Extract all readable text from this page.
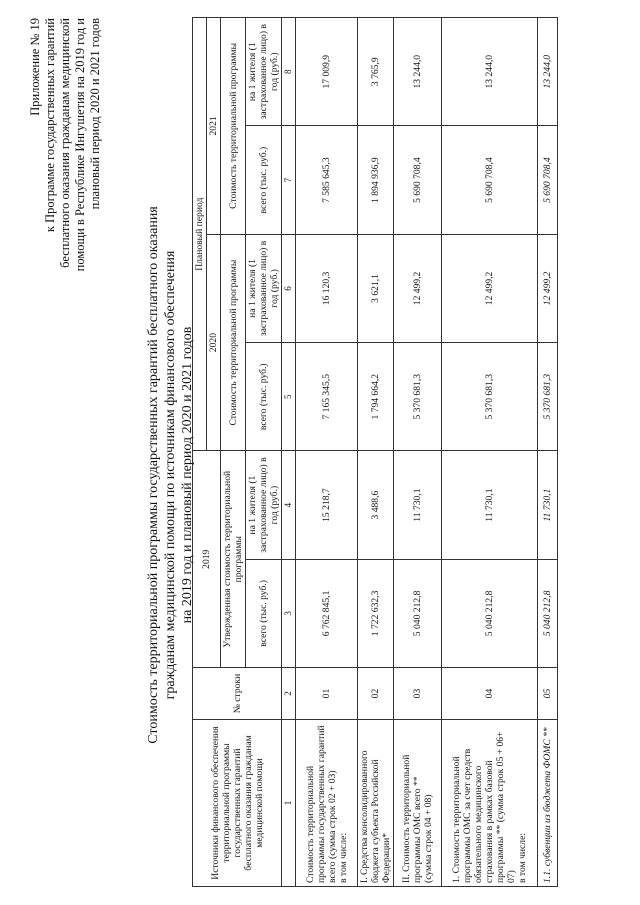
Приложение № 19 к Программе государственных гарантий бесплатного оказания гражданам медицинской помощи в Республике Ингушетия на 2019 год и плановый период 2020 и 2021 годов
Стоимость территориальной программы государственных гарантий бесплатного оказания гражданам медицинской помощи по источникам финансового обеспечения на 2019 год и плановый период 2020 и 2021 годов
Источники финансового обеспечения территориальной программы государственных гарантий бесплатного оказания гражданам медицинской помощи	№ строки	2019		Плановый период			
				2020		2021	
		Утвержденная стоимость территориальной программы		Стоимость территориальной программы		Стоимость территориальной программы	
		всего (тыс. руб.)	на 1 жителя (1 застрахованное лицо) в год (руб.)	всего (тыс. руб.)	на 1 жителя (1 застрахованное лицо) в год (руб.)	всего (тыс. руб.)	на 1 жителя (1 застрахованное лицо) в год (руб.)
1	2	3	4	5	6	7	8
Стоимость территориальной программы государственных гарантий всего (сумма строк 02 + 03)
в том числе:	01	6 762 845,1	15 218,7	7 165 345,5	16 120,3	7 585 645,3	17 009,9
I. Средства консолидированного бюджета субъекта Российской Федерации*	02	1 722 632,3	3 488,6	1 794 664,2	3 621,1	1 894 936,9	3 765,9
II. Стоимость территориальной программы ОМС всего **
(сумма строк 04 + 08)	03	5 040 212,8	11 730,1	5 370 681,3	12 499,2	5 690 708,4	13 244,0
1. Стоимость территориальной программы ОМС за счет средств обязательного медицинского страхования в рамках базовой программы ** (сумма строк 05 + 06+ 07)
в том числе:	04	5 040 212,8	11 730,1	5 370 681,3	12 499,2	5 690 708,4	13 244,0
1.1. субвенции из бюджета ФОМС **	05	5 040 212,8	11 730,1	5 370 681,3	12 499,2	5 690 708,4	13 244,0
